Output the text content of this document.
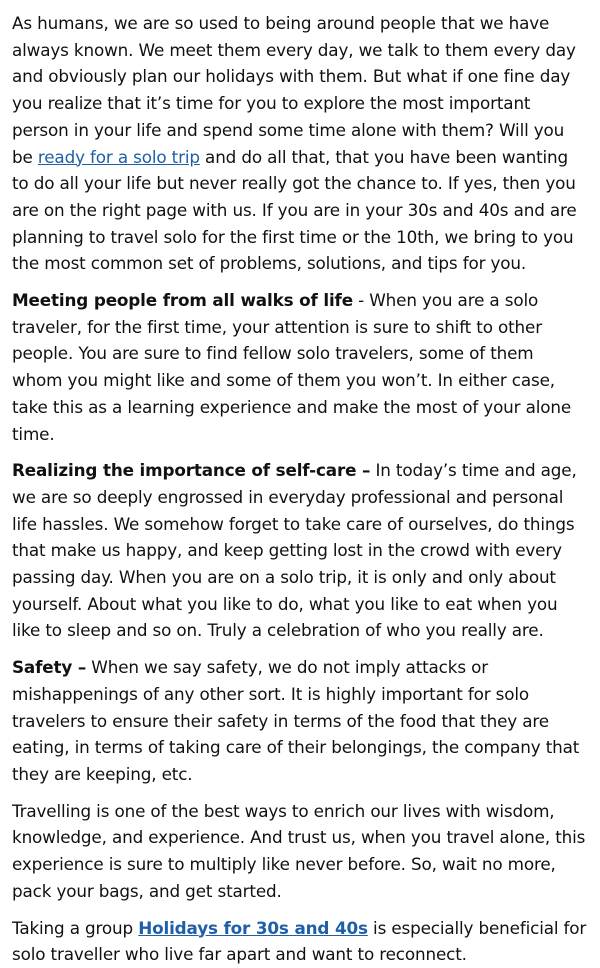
As humans, we are so used to being around people that we have always known. We meet them every day, we talk to them every day and obviously plan our holidays with them. But what if one fine day you realize that it’s time for you to explore the most important person in your life and spend some time alone with them? Will you be ready for a solo trip and do all that, that you have been wanting to do all your life but never really got the chance to. If yes, then you are on the right page with us. If you are in your 30s and 40s and are planning to travel solo for the first time or the 10th, we bring to you the most common set of problems, solutions, and tips for you.

Meeting people from all walks of life - When you are a solo traveler, for the first time, your attention is sure to shift to other people. You are sure to find fellow solo travelers, some of them whom you might like and some of them you won’t. In either case, take this as a learning experience and make the most of your alone time.

Realizing the importance of self-care – In today’s time and age, we are so deeply engrossed in everyday professional and personal life hassles. We somehow forget to take care of ourselves, do things that make us happy, and keep getting lost in the crowd with every passing day. When you are on a solo trip, it is only and only about yourself. About what you like to do, what you like to eat when you like to sleep and so on. Truly a celebration of who you really are.

Safety – When we say safety, we do not imply attacks or mishappenings of any other sort. It is highly important for solo travelers to ensure their safety in terms of the food that they are eating, in terms of taking care of their belongings, the company that they are keeping, etc.

Travelling is one of the best ways to enrich our lives with wisdom, knowledge, and experience. And trust us, when you travel alone, this experience is sure to multiply like never before. So, wait no more, pack your bags, and get started.

Taking a group Holidays for 30s and 40s is especially beneficial for solo traveller who live far apart and want to reconnect.
